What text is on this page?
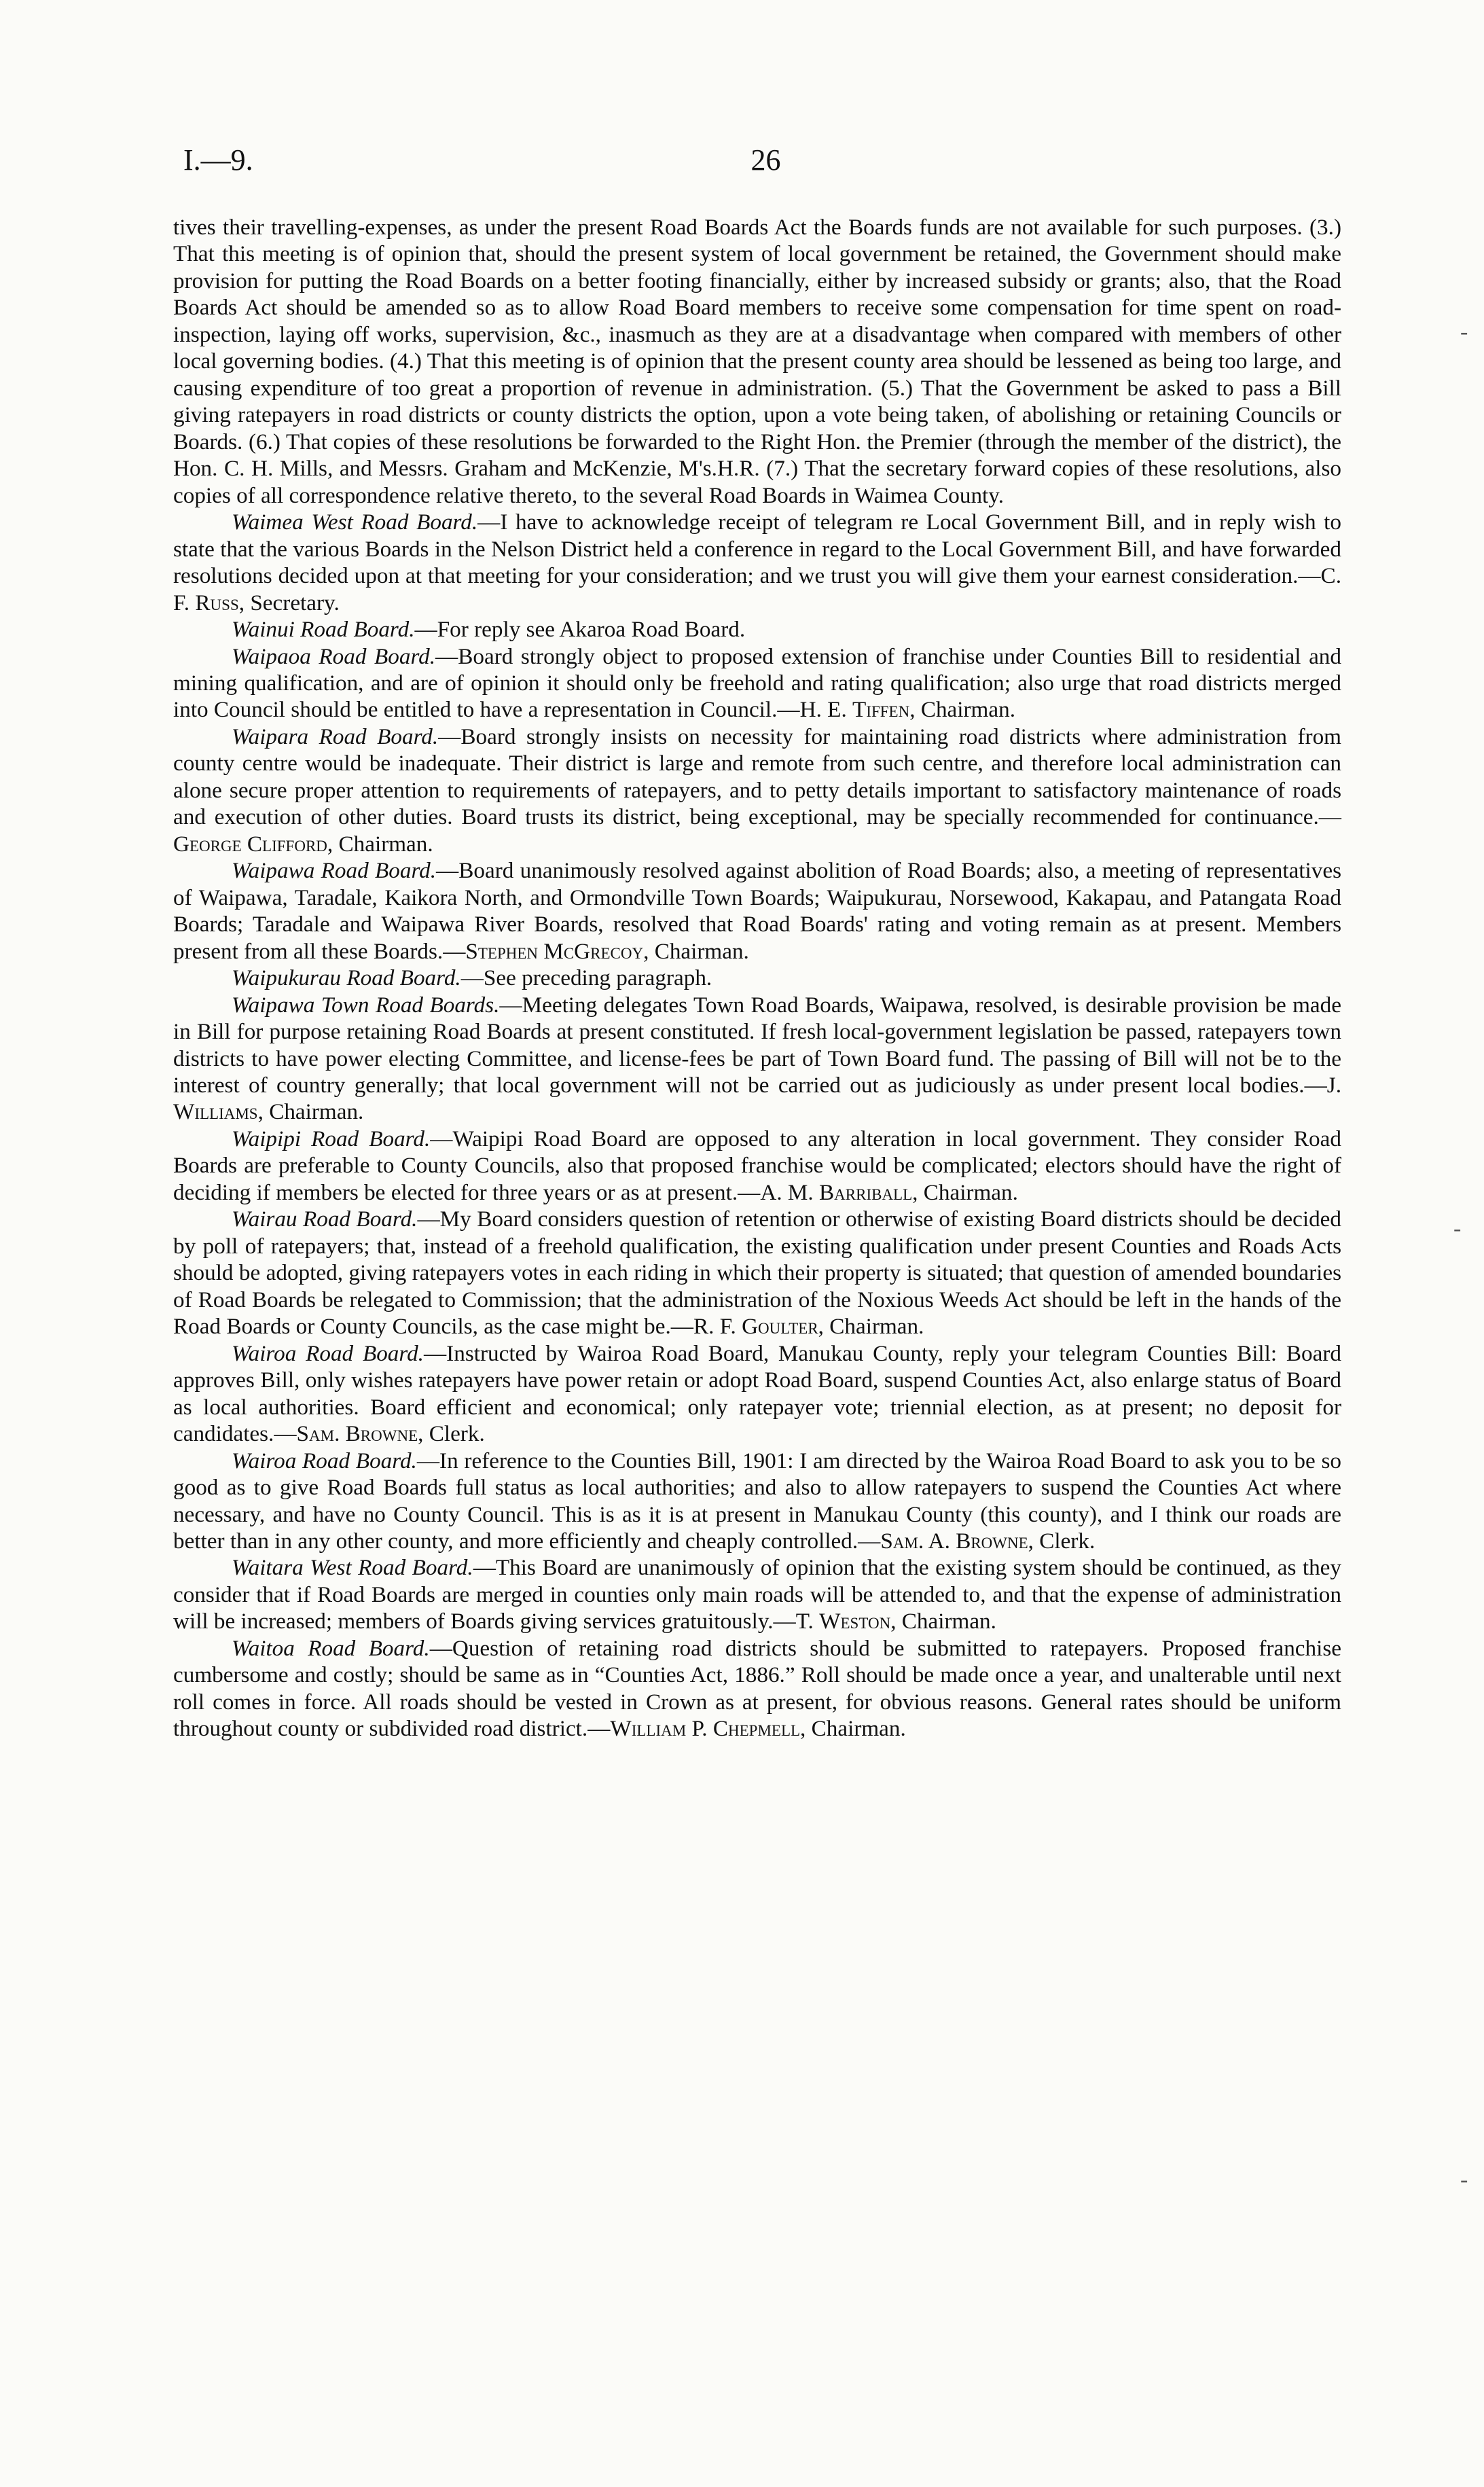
I.—9.	26

tives their travelling-expenses, as under the present Road Boards Act the Boards funds are not available for such purposes. (3.) That this meeting is of opinion that, should the present system of local government be retained, the Government should make provision for putting the Road Boards on a better footing financially, either by increased subsidy or grants; also, that the Road Boards Act should be amended so as to allow Road Board members to receive some compensation for time spent on road-inspection, laying off works, supervision, &c., inasmuch as they are at a disadvantage when compared with members of other local governing bodies. (4.) That this meeting is of opinion that the present county area should be lessened as being too large, and causing expenditure of too great a proportion of revenue in administration. (5.) That the Government be asked to pass a Bill giving ratepayers in road districts or county districts the option, upon a vote being taken, of abolishing or retaining Councils or Boards. (6.) That copies of these resolutions be forwarded to the Right Hon. the Premier (through the member of the district), the Hon. C. H. Mills, and Messrs. Graham and McKenzie, M's.H.R. (7.) That the secretary forward copies of these resolutions, also copies of all correspondence relative thereto, to the several Road Boards in Waimea County.

Waimea West Road Board.—I have to acknowledge receipt of telegram re Local Government Bill, and in reply wish to state that the various Boards in the Nelson District held a conference in regard to the Local Government Bill, and have forwarded resolutions decided upon at that meeting for your consideration; and we trust you will give them your earnest consideration.—C. F. Russ, Secretary.

Wainui Road Board.—For reply see Akaroa Road Board.

Waipaoa Road Board.—Board strongly object to proposed extension of franchise under Counties Bill to residential and mining qualification, and are of opinion it should only be freehold and rating qualification; also urge that road districts merged into Council should be entitled to have a representation in Council.—H. E. Tiffen, Chairman.

Waipara Road Board.—Board strongly insists on necessity for maintaining road districts where administration from county centre would be inadequate. Their district is large and remote from such centre, and therefore local administration can alone secure proper attention to requirements of ratepayers, and to petty details important to satisfactory maintenance of roads and execution of other duties. Board trusts its district, being exceptional, may be specially recommended for continuance.—George Clifford, Chairman.

Waipawa Road Board.—Board unanimously resolved against abolition of Road Boards; also, a meeting of representatives of Waipawa, Taradale, Kaikora North, and Ormondville Town Boards; Waipukurau, Norsewood, Kakapau, and Patangata Road Boards; Taradale and Waipawa River Boards, resolved that Road Boards' rating and voting remain as at present. Members present from all these Boards.—Stephen McGrecoy, Chairman.

Waipukurau Road Board.—See preceding paragraph.

Waipawa Town Road Boards.—Meeting delegates Town Road Boards, Waipawa, resolved, is desirable provision be made in Bill for purpose retaining Road Boards at present constituted. If fresh local-government legislation be passed, ratepayers town districts to have power electing Committee, and license-fees be part of Town Board fund. The passing of Bill will not be to the interest of country generally; that local government will not be carried out as judiciously as under present local bodies.—J. Williams, Chairman.

Waipipi Road Board.—Waipipi Road Board are opposed to any alteration in local government. They consider Road Boards are preferable to County Councils, also that proposed franchise would be complicated; electors should have the right of deciding if members be elected for three years or as at present.—A. M. Barriball, Chairman.

Wairau Road Board.—My Board considers question of retention or otherwise of existing Board districts should be decided by poll of ratepayers; that, instead of a freehold qualification, the existing qualification under present Counties and Roads Acts should be adopted, giving ratepayers votes in each riding in which their property is situated; that question of amended boundaries of Road Boards be relegated to Commission; that the administration of the Noxious Weeds Act should be left in the hands of the Road Boards or County Councils, as the case might be.—R. F. Goulter, Chairman.

Wairoa Road Board.—Instructed by Wairoa Road Board, Manukau County, reply your telegram Counties Bill: Board approves Bill, only wishes ratepayers have power retain or adopt Road Board, suspend Counties Act, also enlarge status of Board as local authorities. Board efficient and economical; only ratepayer vote; triennial election, as at present; no deposit for candidates.—Sam. Browne, Clerk.

Wairoa Road Board.—In reference to the Counties Bill, 1901: I am directed by the Wairoa Road Board to ask you to be so good as to give Road Boards full status as local authorities; and also to allow ratepayers to suspend the Counties Act where necessary, and have no County Council. This is as it is at present in Manukau County (this county), and I think our roads are better than in any other county, and more efficiently and cheaply controlled.—Sam. A. Browne, Clerk.

Waitara West Road Board.—This Board are unanimously of opinion that the existing system should be continued, as they consider that if Road Boards are merged in counties only main roads will be attended to, and that the expense of administration will be increased; members of Boards giving services gratuitously.—T. Weston, Chairman.

Waitoa Road Board.—Question of retaining road districts should be submitted to ratepayers. Proposed franchise cumbersome and costly; should be same as in “Counties Act, 1886.” Roll should be made once a year, and unalterable until next roll comes in force. All roads should be vested in Crown as at present, for obvious reasons. General rates should be uniform throughout county or subdivided road district.—William P. Chepmell, Chairman.

‐
‐
‐
